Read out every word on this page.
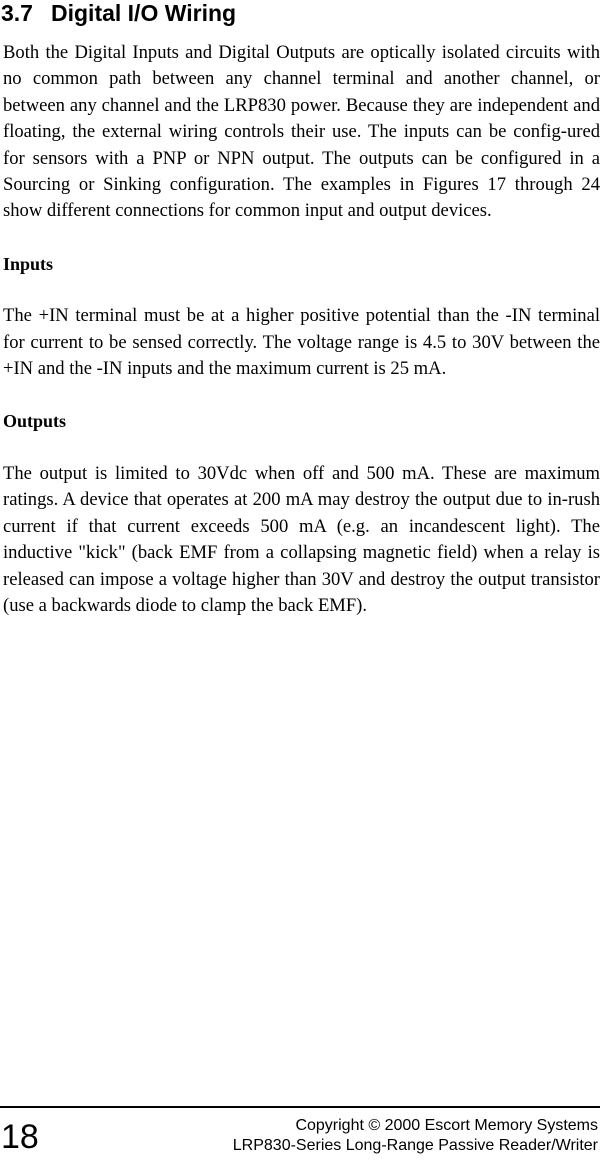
3.7 Digital I/O Wiring

Both the Digital Inputs and Digital Outputs are optically isolated circuits with no common path between any channel terminal and another channel, or between any channel and the LRP830 power. Because they are independent and floating, the external wiring controls their use. The inputs can be config-ured for sensors with a PNP or NPN output. The outputs can be configured in a Sourcing or Sinking configuration. The examples in Figures 17 through 24 show different connections for common input and output devices.

Inputs

The +IN terminal must be at a higher positive potential than the -IN terminal for current to be sensed correctly. The voltage range is 4.5 to 30V between the +IN and the -IN inputs and the maximum current is 25 mA.

Outputs

The output is limited to 30Vdc when off and 500 mA. These are maximum ratings. A device that operates at 200 mA may destroy the output due to in-rush current if that current exceeds 500 mA (e.g. an incandescent light). The inductive "kick" (back EMF from a collapsing magnetic field) when a relay is released can impose a voltage higher than 30V and destroy the output transistor (use a backwards diode to clamp the back EMF).

18	Copyright © 2000 Escort Memory Systems
LRP830-Series Long-Range Passive Reader/Writer
